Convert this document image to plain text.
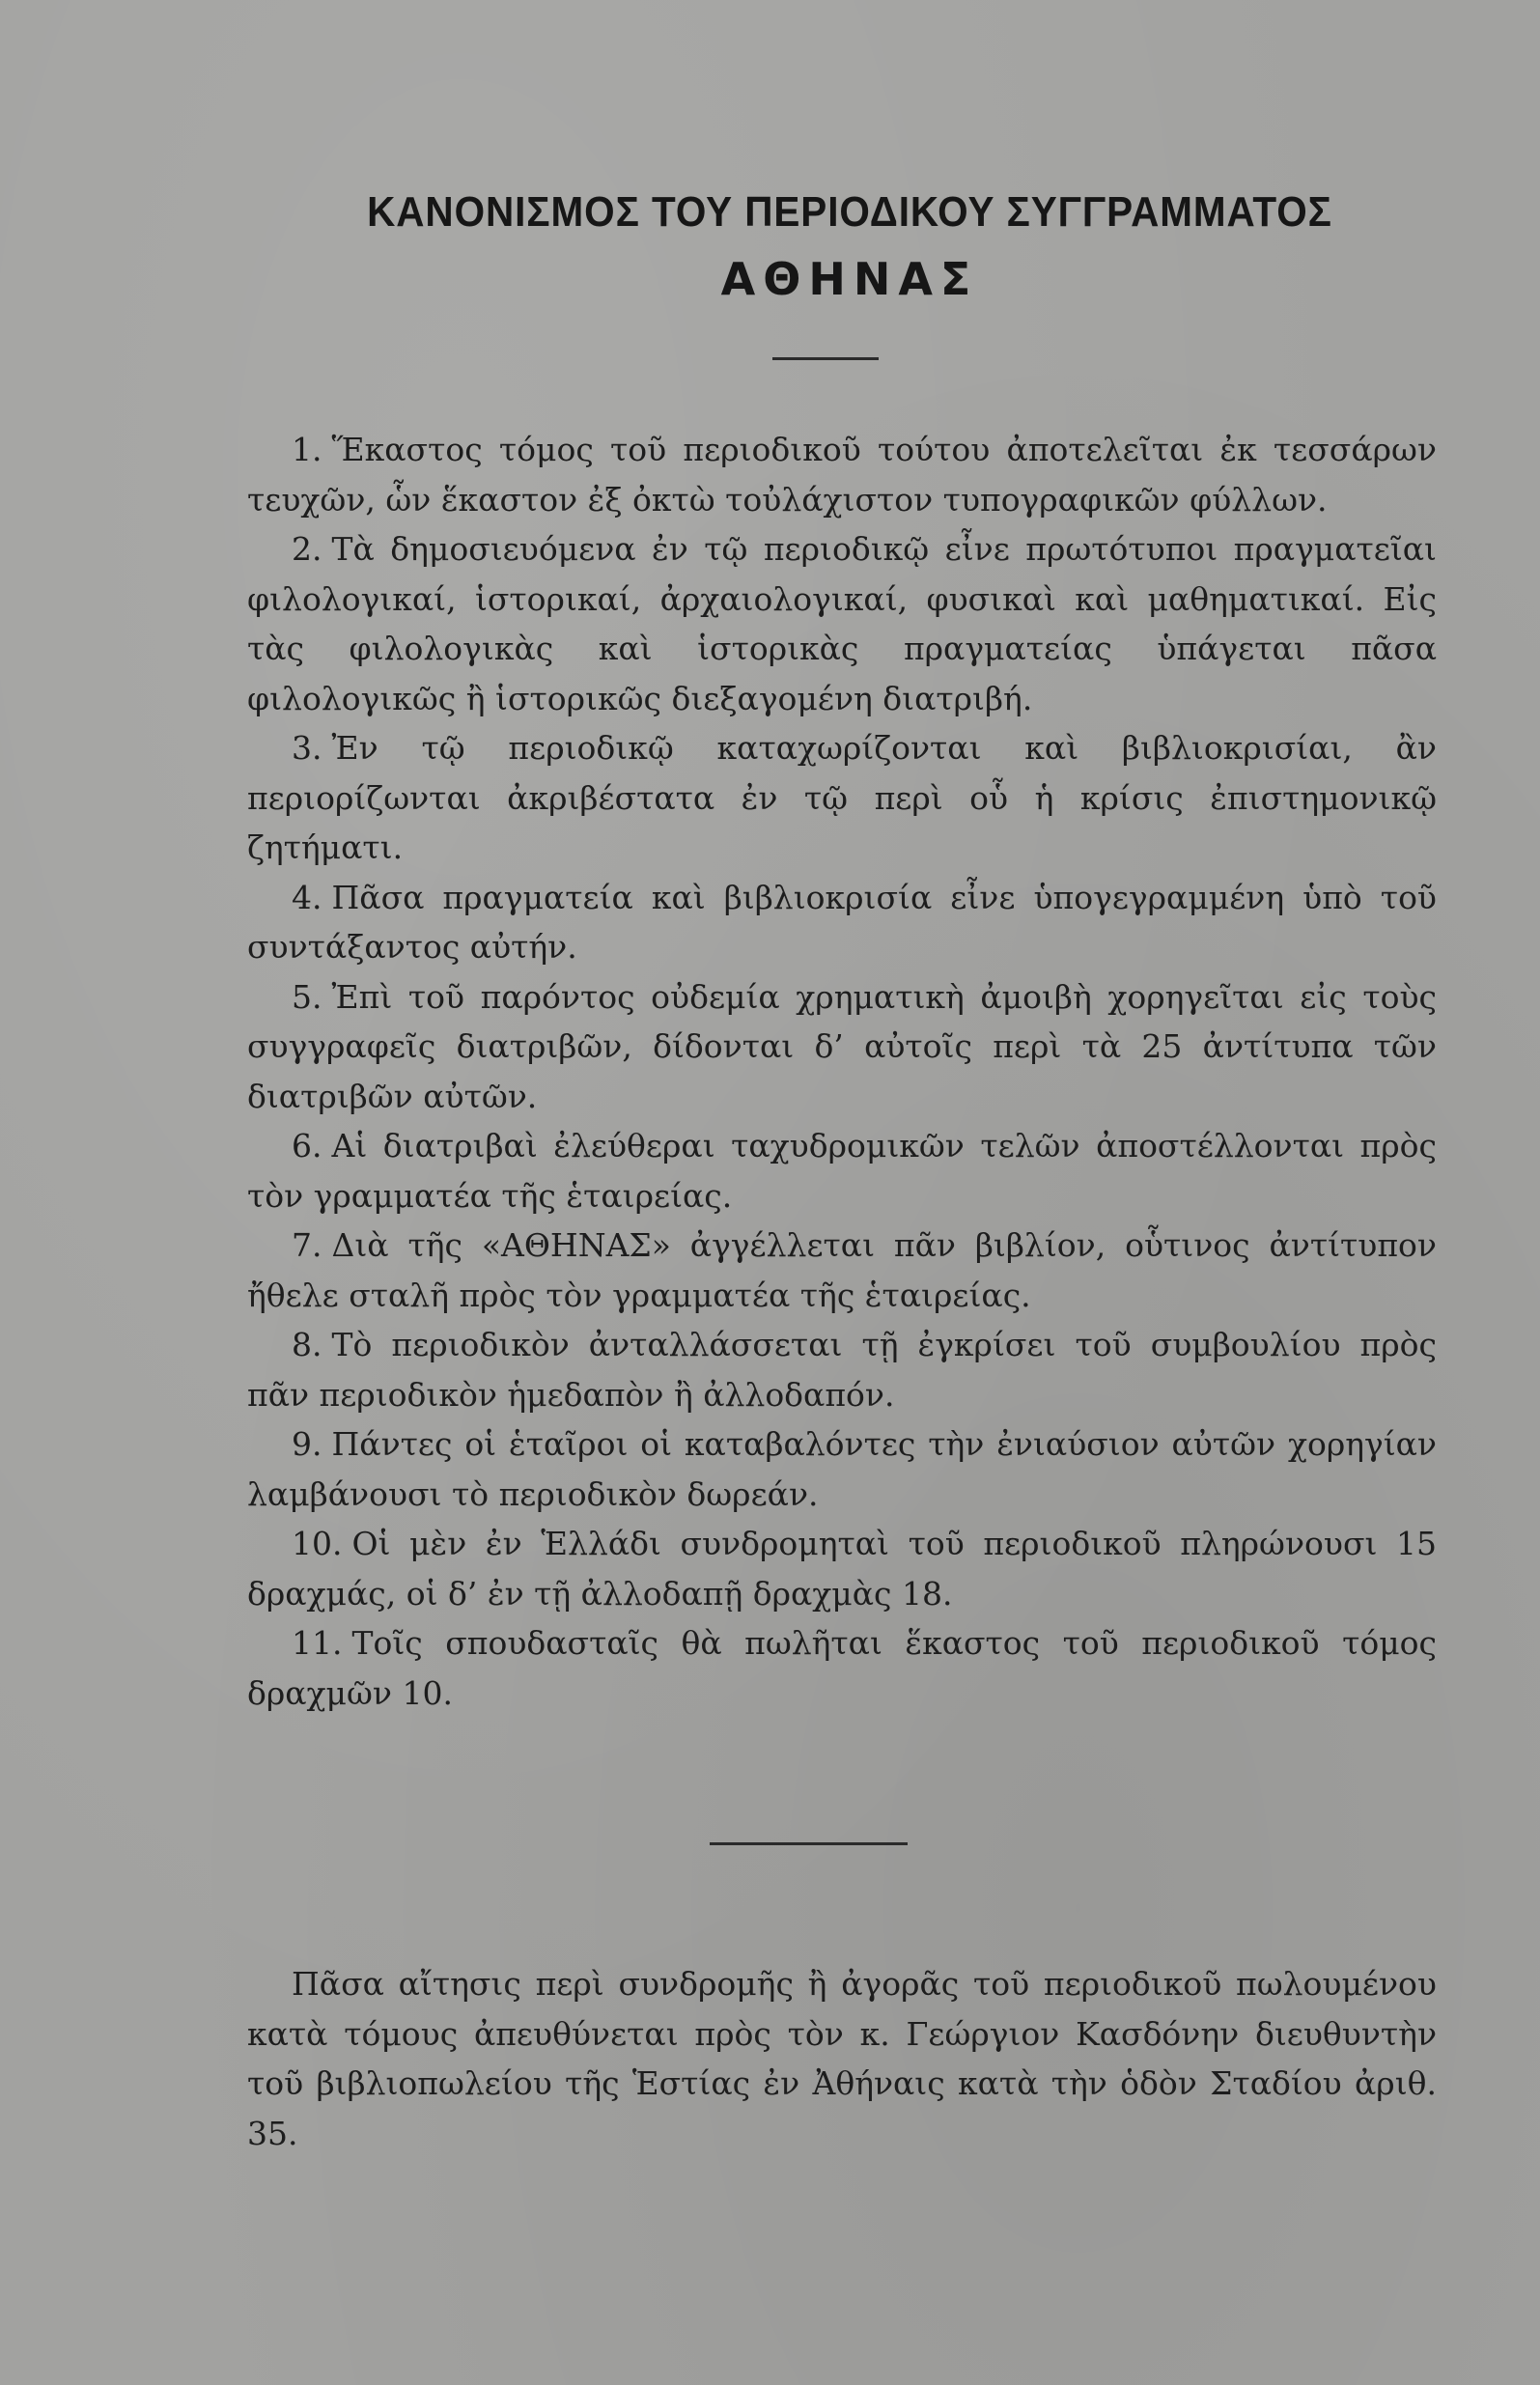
ΚΑΝΟΝΙΣΜΟΣ ΤΟΥ ΠΕΡΙΟΔΙΚΟΥ ΣΥΓΓΡΑΜΜΑΤΟΣ
ΑΘΗΝΑΣ

1. Ἕκαστος τόμος τοῦ περιοδικοῦ τούτου ἀποτελεῖται ἐκ τεσσάρων τευχῶν, ὧν ἕκαστον ἐξ ὀκτὼ τοὐλάχιστον τυπογραφικῶν φύλλων.

2. Τὰ δημοσιευόμενα ἐν τῷ περιοδικῷ εἶνε πρωτότυποι πραγματεῖαι φιλολογικαί, ἱστορικαί, ἀρχαιολογικαί, φυσικαὶ καὶ μαθηματικαί. Εἰς τὰς φιλολογικὰς καὶ ἱστορικὰς πραγματείας ὑπάγεται πᾶσα φιλολογικῶς ἢ ἱστορικῶς διεξαγομένη διατριβή.

3. Ἐν τῷ περιοδικῷ καταχωρίζονται καὶ βιβλιοκρισίαι, ἂν περιορίζωνται ἀκριβέστατα ἐν τῷ περὶ οὗ ἡ κρίσις ἐπιστημονικῷ ζητήματι.

4. Πᾶσα πραγματεία καὶ βιβλιοκρισία εἶνε ὑπογεγραμμένη ὑπὸ τοῦ συντάξαντος αὐτήν.

5. Ἐπὶ τοῦ παρόντος οὐδεμία χρηματικὴ ἀμοιβὴ χορηγεῖται εἰς τοὺς συγγραφεῖς διατριβῶν, δίδονται δ’ αὐτοῖς περὶ τὰ 25 ἀντίτυπα τῶν διατριβῶν αὐτῶν.

6. Αἱ διατριβαὶ ἐλεύθεραι ταχυδρομικῶν τελῶν ἀποστέλλονται πρὸς τὸν γραμματέα τῆς ἑταιρείας.

7. Διὰ τῆς «ΑΘΗΝΑΣ» ἀγγέλλεται πᾶν βιβλίον, οὗτινος ἀντίτυπον ἤθελε σταλῆ πρὸς τὸν γραμματέα τῆς ἑταιρείας.

8. Τὸ περιοδικὸν ἀνταλλάσσεται τῇ ἐγκρίσει τοῦ συμβουλίου πρὸς πᾶν περιοδικὸν ἡμεδαπὸν ἢ ἀλλοδαπόν.

9. Πάντες οἱ ἑταῖροι οἱ καταβαλόντες τὴν ἐνιαύσιον αὐτῶν χορηγίαν λαμβάνουσι τὸ περιοδικὸν δωρεάν.

10. Οἱ μὲν ἐν Ἑλλάδι συνδρομηταὶ τοῦ περιοδικοῦ πληρώνουσι 15 δραχμάς, οἱ δ’ ἐν τῇ ἀλλοδαπῇ δραχμὰς 18.

11. Τοῖς σπουδασταῖς θὰ πωλῆται ἕκαστος τοῦ περιοδικοῦ τόμος δραχμῶν 10.

Πᾶσα αἴτησις περὶ συνδρομῆς ἢ ἀγορᾶς τοῦ περιοδικοῦ πωλουμένου κατὰ τόμους ἀπευθύνεται πρὸς τὸν κ. Γεώργιον Κασδόνην διευθυντὴν τοῦ βιβλιοπωλείου τῆς Ἑστίας ἐν Ἀθήναις κατὰ τὴν ὁδὸν Σταδίου ἀριθ. 35.
